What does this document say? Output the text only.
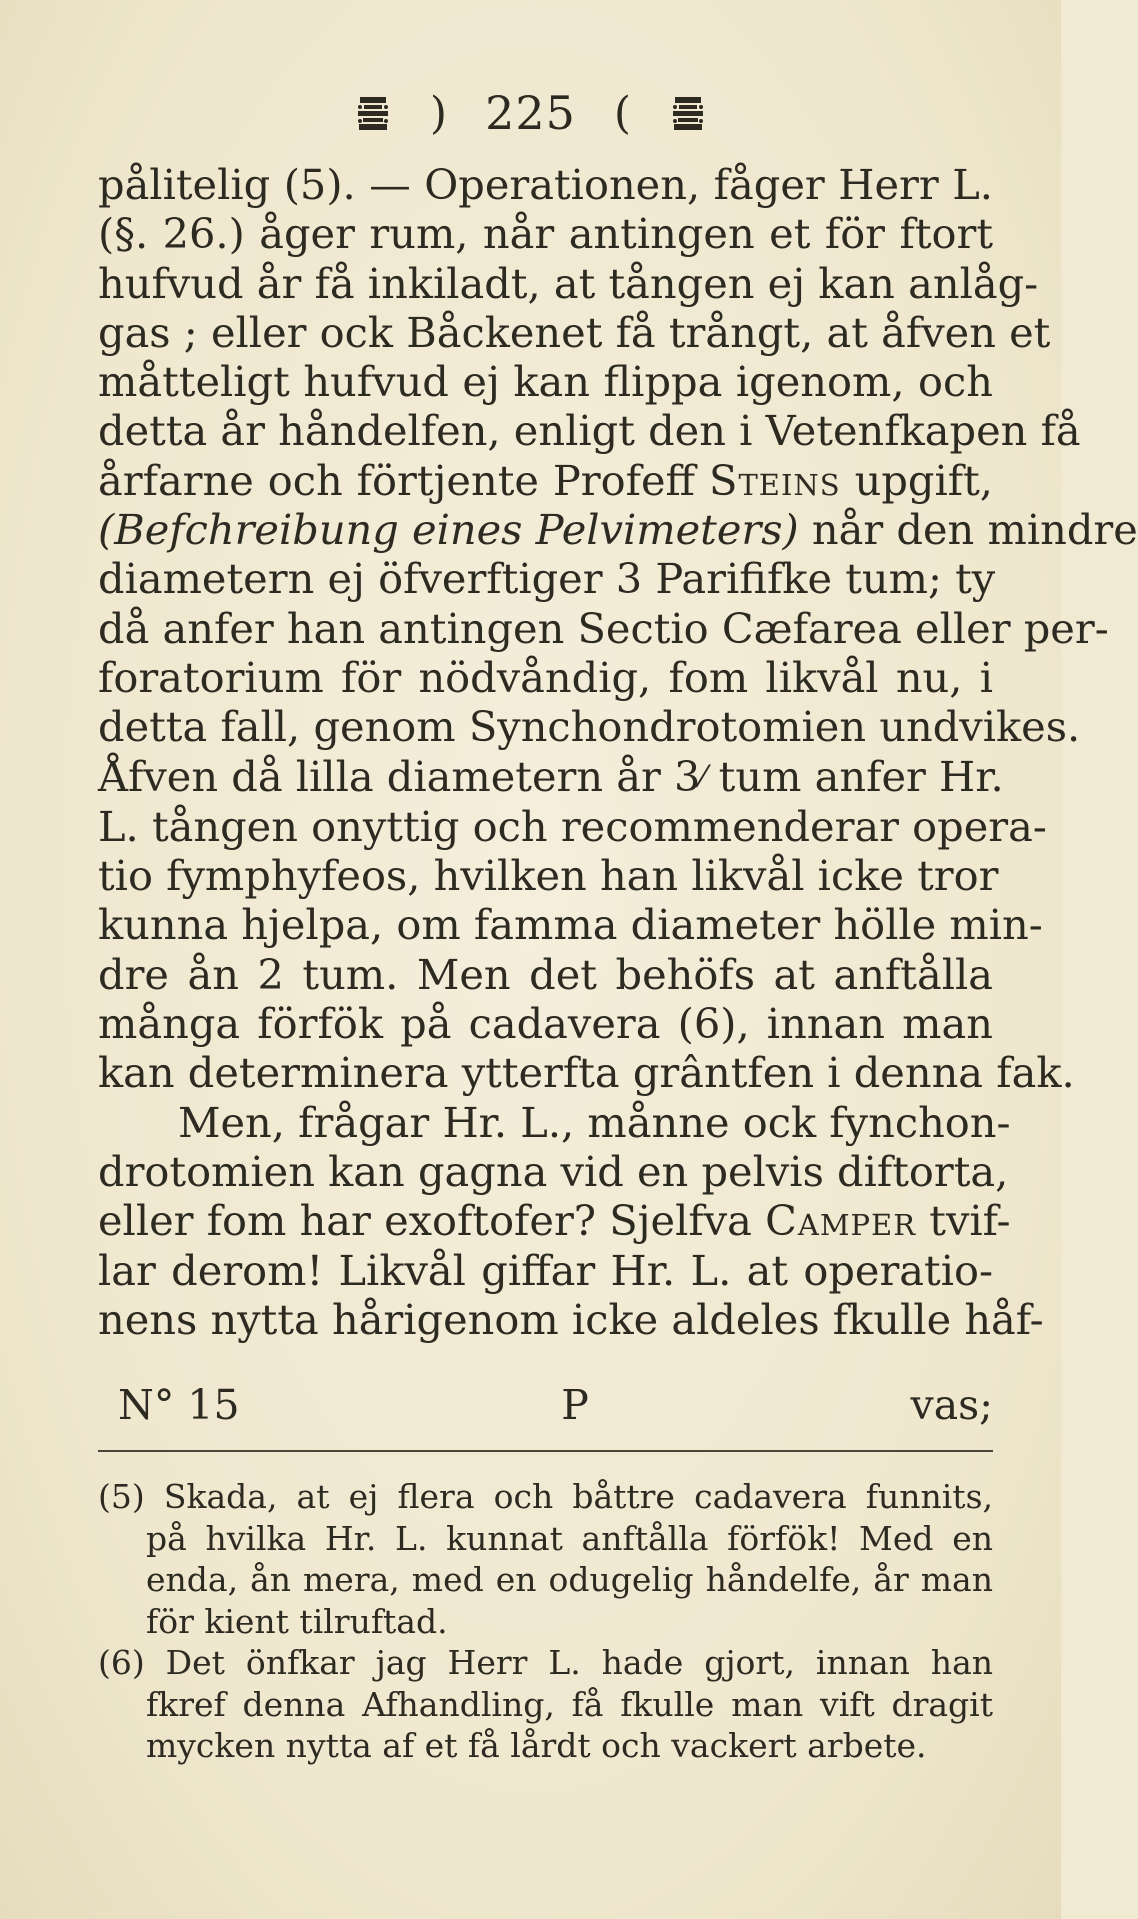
) 225 (
pålitelig (5). — Operationen, fåger Herr L.
(§. 26.) åger rum, når antingen et för ftort
hufvud år få inkiladt, at tången ej kan anlåg-
gas ; eller ock Båckenet få trångt, at åfven et
måtteligt hufvud ej kan flippa igenom, och
detta år håndelfen, enligt den i Vetenfkapen få
årfarne och förtjente Profeff Steins upgift,
(Befchreibung eines Pelvimeters) når den mindre
diametern ej öfverftiger 3 Parififke tum; ty
då anfer han antingen Sectio Cæfarea eller per-
foratorium för nödvåndig, fom likvål nu, i
detta fall, genom Synchondrotomien undvikes.
Åfven då lilla diametern år 3⁄ tum anfer Hr.
L. tången onyttig och recommenderar opera-
tio fymphyfeos, hvilken han likvål icke tror
kunna hjelpa, om famma diameter hölle min-
dre ån 2 tum. Men det behöfs at anftålla
många förfök på cadavera (6), innan man
kan determinera ytterfta grântfen i denna fak.
Men, frågar Hr. L., månne ock fynchon-
drotomien kan gagna vid en pelvis diftorta,
eller fom har exoftofer? Sjelfva Camper tvif-
lar derom! Likvål giffar Hr. L. at operatio-
nens nytta hårigenom icke aldeles fkulle håf-
N° 15	P	vas;
(5) Skada, at ej flera och båttre cadavera funnits,
på hvilka Hr. L. kunnat anftålla förfök! Med en
enda, ån mera, med en odugelig håndelfe, år man
för kient tilruftad.
(6) Det önfkar jag Herr L. hade gjort, innan han
fkref denna Afhandling, få fkulle man vift dragit
mycken nytta af et få lårdt och vackert arbete.
